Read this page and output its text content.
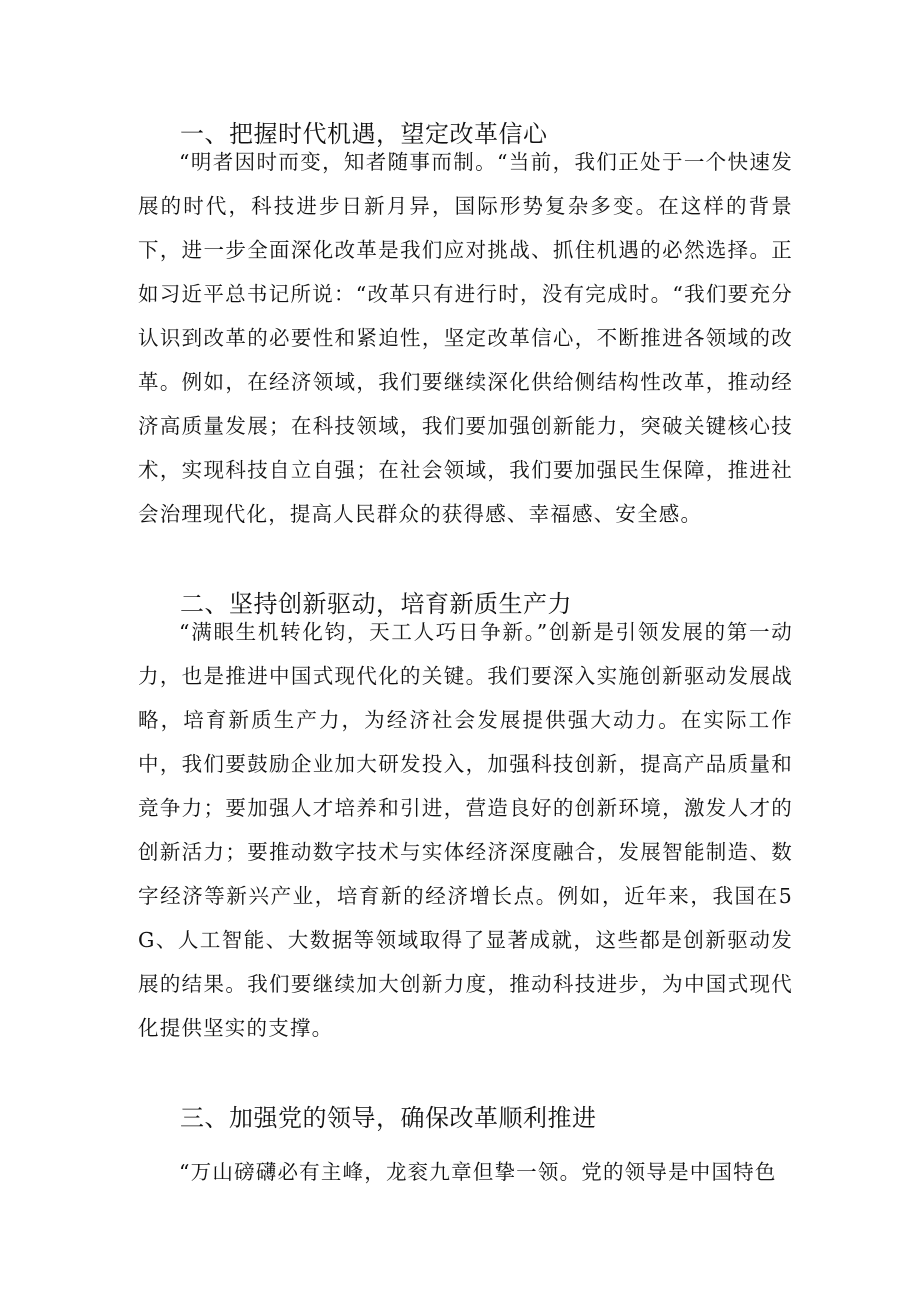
一、把握时代机遇，望定改革信心
“明者因时而变，知者随事而制。“当前，我们正处于一个快速发展的时代，科技进步日新月异，国际形势复杂多变。在这样的背景下，进一步全面深化改革是我们应对挑战、抓住机遇的必然选择。正如习近平总书记所说：“改革只有进行时，没有完成时。“我们要充分认识到改革的必要性和紧迫性，坚定改革信心，不断推进各领域的改革。例如，在经济领域，我们要继续深化供给侧结构性改革，推动经济高质量发展；在科技领域，我们要加强创新能力，突破关键核心技术，实现科技自立自强；在社会领域，我们要加强民生保障，推进社会治理现代化，提高人民群众的获得感、幸福感、安全感。
二、坚持创新驱动，培育新质生产力
“满眼生机转化钧，天工人巧日争新。”创新是引领发展的第一动力，也是推进中国式现代化的关键。我们要深入实施创新驱动发展战略，培育新质生产力，为经济社会发展提供强大动力。在实际工作中，我们要鼓励企业加大研发投入，加强科技创新，提高产品质量和竞争力；要加强人才培养和引进，营造良好的创新环境，激发人才的创新活力；要推动数字技术与实体经济深度融合，发展智能制造、数字经济等新兴产业，培育新的经济增长点。例如，近年来，我国在5G、人工智能、大数据等领域取得了显著成就，这些都是创新驱动发展的结果。我们要继续加大创新力度，推动科技进步，为中国式现代化提供坚实的支撑。
三、加强党的领导，确保改革顺利推进
“万山磅礴必有主峰，龙衮九章但挚一领。党的领导是中国特色
